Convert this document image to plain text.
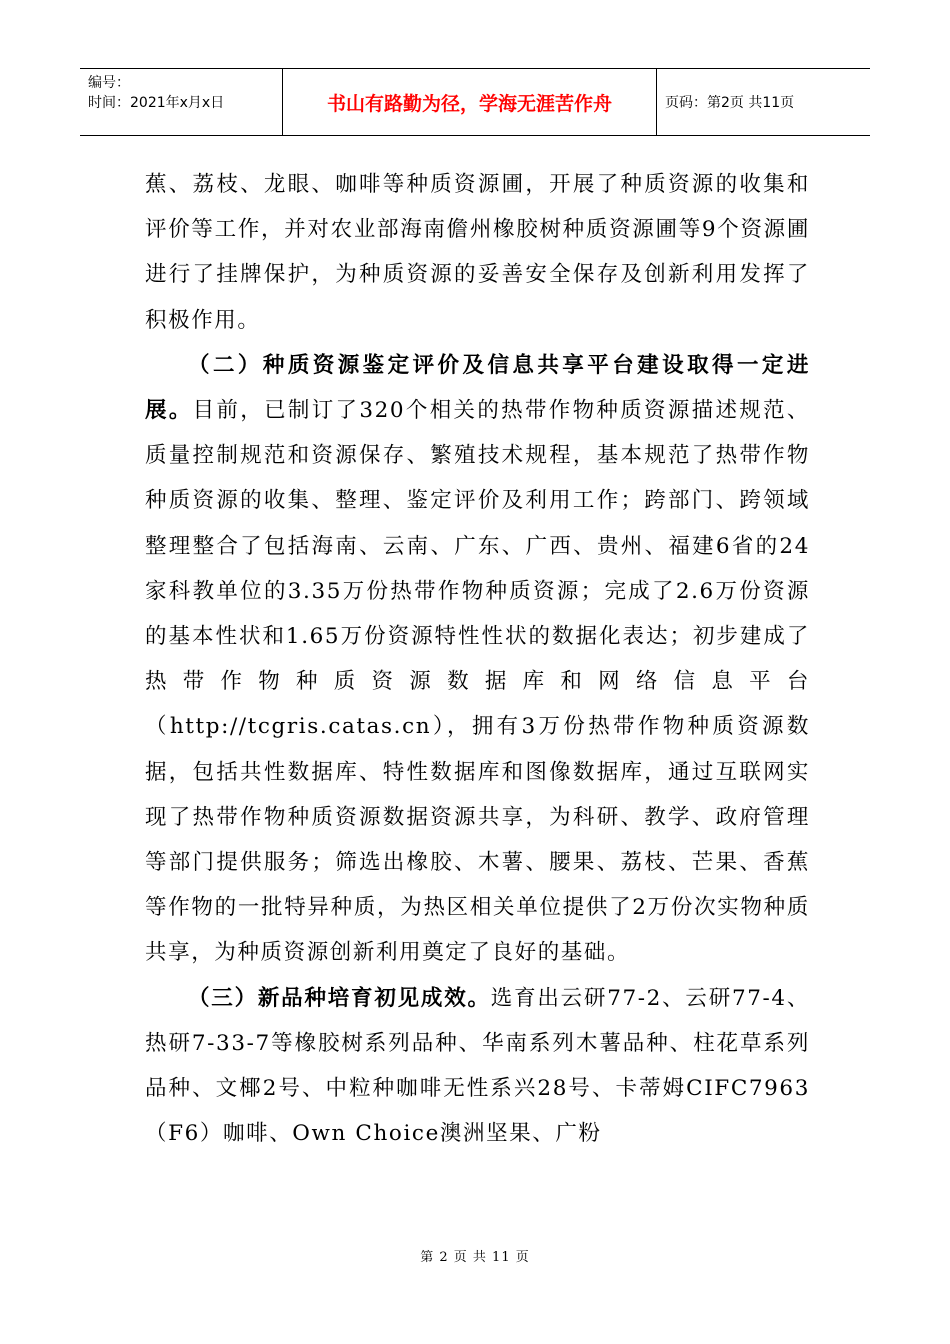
编号：
时间：2021年x月x日	书山有路勤为径，学海无涯苦作舟	页码：第2页 共11页

蕉、荔枝、龙眼、咖啡等种质资源圃，开展了种质资源的收集和评价等工作，并对农业部海南儋州橡胶树种质资源圃等9个资源圃进行了挂牌保护，为种质资源的妥善安全保存及创新利用发挥了积极作用。

（二）种质资源鉴定评价及信息共享平台建设取得一定进展。目前，已制订了320个相关的热带作物种质资源描述规范、质量控制规范和资源保存、繁殖技术规程，基本规范了热带作物种质资源的收集、整理、鉴定评价及利用工作；跨部门、跨领域整理整合了包括海南、云南、广东、广西、贵州、福建6省的24家科教单位的3.35万份热带作物种质资源；完成了2.6万份资源的基本性状和1.65万份资源特性性状的数据化表达；初步建成了热带作物种质资源数据库和网络信息平台（http://tcgris.catas.cn），拥有3万份热带作物种质资源数据，包括共性数据库、特性数据库和图像数据库，通过互联网实现了热带作物种质资源数据资源共享，为科研、教学、政府管理等部门提供服务；筛选出橡胶、木薯、腰果、荔枝、芒果、香蕉等作物的一批特异种质，为热区相关单位提供了2万份次实物种质共享，为种质资源创新利用奠定了良好的基础。

（三）新品种培育初见成效。选育出云研77-2、云研77-4、热研7-33-7等橡胶树系列品种、华南系列木薯品种、柱花草系列品种、文椰2号、中粒种咖啡无性系兴28号、卡蒂姆CIFC7963（F6）咖啡、Own Choice澳洲坚果、广粉

第 2 页 共 11 页
